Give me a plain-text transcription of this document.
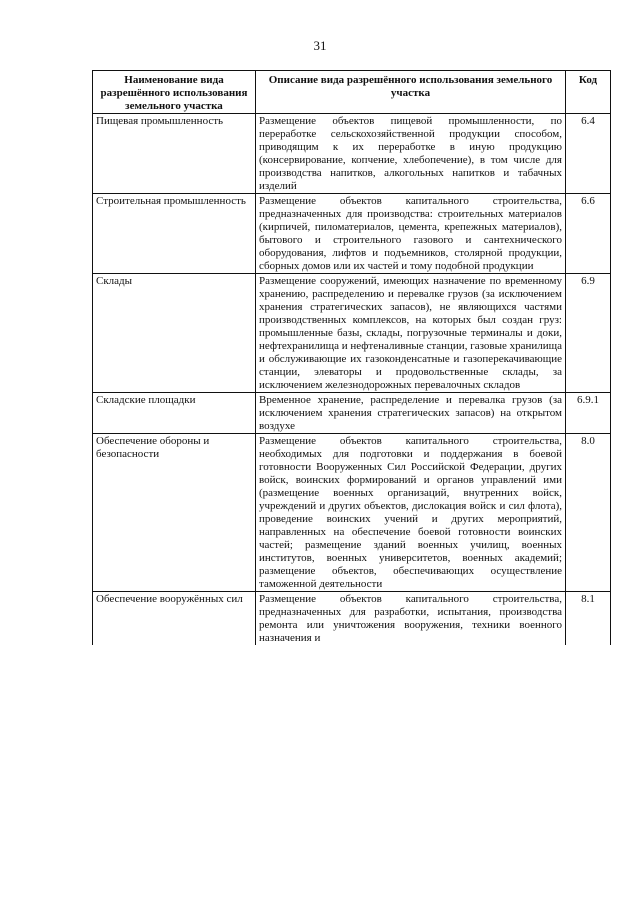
31
Наименование вида разрешённого использования земельного участка	Описание вида разрешённого использования земельного участка	Код
Пищевая промышленность	Размещение объектов пищевой промышленности, по переработке сельскохозяйственной продукции способом, приводящим к их переработке в иную продукцию (консервирование, копчение, хлебопечение), в том числе для производства напитков, алкогольных напитков и табачных изделий	6.4
Строительная промышленность	Размещение объектов капитального строительства, предназначенных для производства: строительных материалов (кирпичей, пиломатериалов, цемента, крепежных материалов), бытового и строительного газового и сантехнического оборудования, лифтов и подъемников, столярной продукции, сборных домов или их частей и тому подобной продукции	6.6
Склады	Размещение сооружений, имеющих назначение по временному хранению, распределению и перевалке грузов (за исключением хранения стратегических запасов), не являющихся частями производственных комплексов, на которых был создан груз: промышленные базы, склады, погрузочные терминалы и доки, нефтехранилища и нефтеналивные станции, газовые хранилища и обслуживающие их газоконденсатные и газоперекачивающие станции, элеваторы и продовольственные склады, за исключением железнодорожных перевалочных складов	6.9
Складские площадки	Временное хранение, распределение и перевалка грузов (за исключением хранения стратегических запасов) на открытом воздухе	6.9.1
Обеспечение обороны и безопасности	Размещение объектов капитального строительства, необходимых для подготовки и поддержания в боевой готовности Вооруженных Сил Российской Федерации, других войск, воинских формирований и органов управлений ими (размещение военных организаций, внутренних войск, учреждений и других объектов, дислокация войск и сил флота), проведение воинских учений и других мероприятий, направленных на обеспечение боевой готовности воинских частей; размещение зданий военных училищ, военных институтов, военных университетов, военных академий; размещение объектов, обеспечивающих осуществление таможенной деятельности	8.0
Обеспечение вооружённых сил	Размещение объектов капитального строительства, предназначенных для разработки, испытания, производства ремонта или уничтожения вооружения, техники военного назначения и	8.1
